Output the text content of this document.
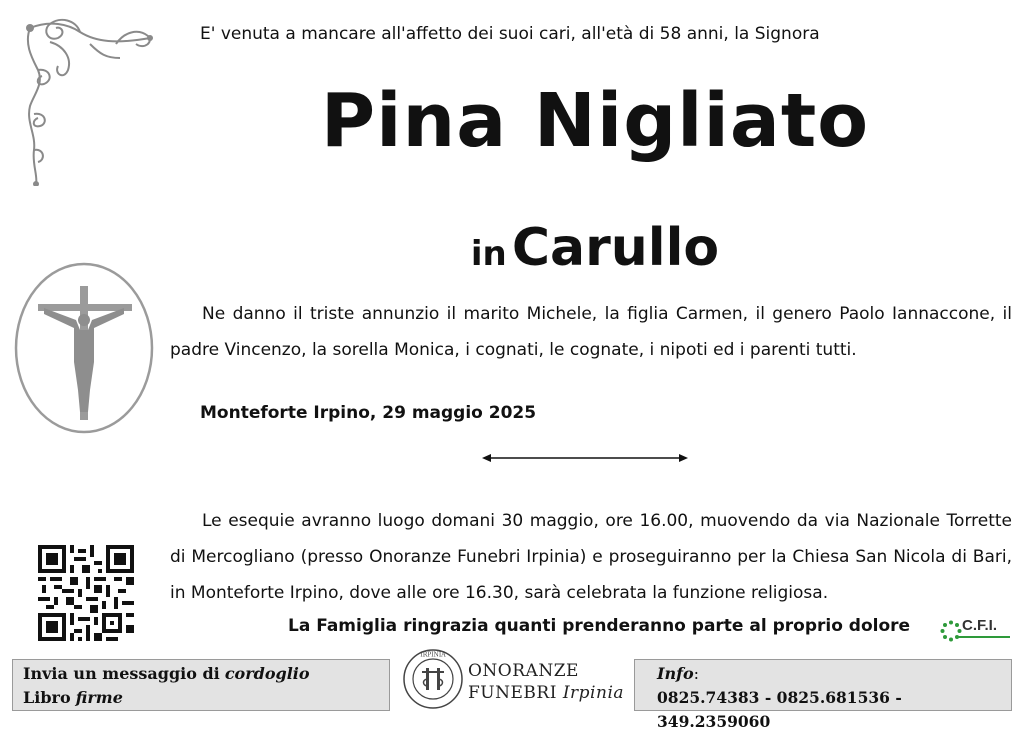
E' venuta a mancare all'affetto dei suoi cari, all'età di 58 anni, la Signora
Pina Nigliato
in Carullo
Ne danno il triste annunzio il marito Michele, la figlia Carmen, il genero Paolo Iannaccone, il padre Vincenzo, la sorella Monica, i cognati, le cognate, i nipoti ed i parenti tutti.
Monteforte Irpino, 29 maggio 2025
Le esequie avranno luogo domani 30 maggio, ore 16.00, muovendo da via Nazionale Torrette di Mercogliano (presso Onoranze Funebri Irpinia) e proseguiranno per la Chiesa San Nicola di Bari, in Monteforte Irpino, dove alle ore 16.30, sarà celebrata la funzione religiosa.
La Famiglia ringrazia quanti prenderanno parte al proprio dolore	C.F.I.
Invia un messaggio di cordoglio
Libro firme
IRPINIA
ONORANZE
FUNEBRI Irpinia
Info:
0825.74383 - 0825.681536 - 349.2359060
